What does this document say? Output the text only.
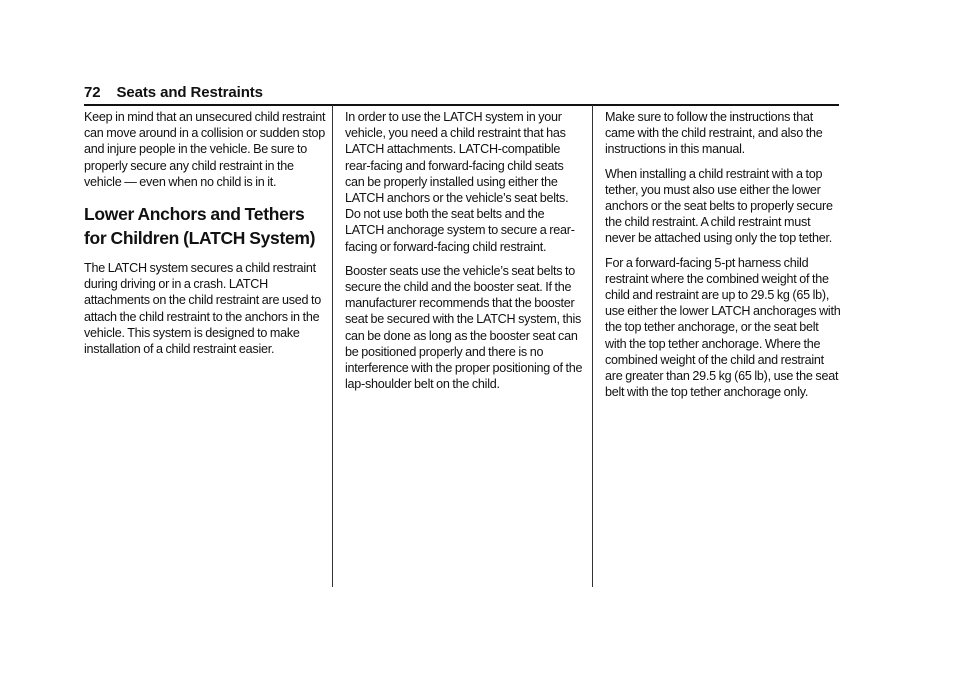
72 Seats and Restraints

Keep in mind that an unsecured child restraint can move around in a collision or sudden stop and injure people in the vehicle. Be sure to properly secure any child restraint in the vehicle — even when no child is in it.

Lower Anchors and Tethers for Children (LATCH System)

The LATCH system secures a child restraint during driving or in a crash. LATCH attachments on the child restraint are used to attach the child restraint to the anchors in the vehicle. This system is designed to make installation of a child restraint easier.

In order to use the LATCH system in your vehicle, you need a child restraint that has LATCH attachments. LATCH-compatible rear-facing and forward-facing child seats can be properly installed using either the LATCH anchors or the vehicle’s seat belts. Do not use both the seat belts and the LATCH anchorage system to secure a rear-facing or forward-facing child restraint.

Booster seats use the vehicle’s seat belts to secure the child and the booster seat. If the manufacturer recommends that the booster seat be secured with the LATCH system, this can be done as long as the booster seat can be positioned properly and there is no interference with the proper positioning of the lap-shoulder belt on the child.

Make sure to follow the instructions that came with the child restraint, and also the instructions in this manual.

When installing a child restraint with a top tether, you must also use either the lower anchors or the seat belts to properly secure the child restraint. A child restraint must never be attached using only the top tether.

For a forward-facing 5-pt harness child restraint where the combined weight of the child and restraint are up to 29.5 kg (65 lb), use either the lower LATCH anchorages with the top tether anchorage, or the seat belt with the top tether anchorage. Where the combined weight of the child and restraint are greater than 29.5 kg (65 lb), use the seat belt with the top tether anchorage only.
